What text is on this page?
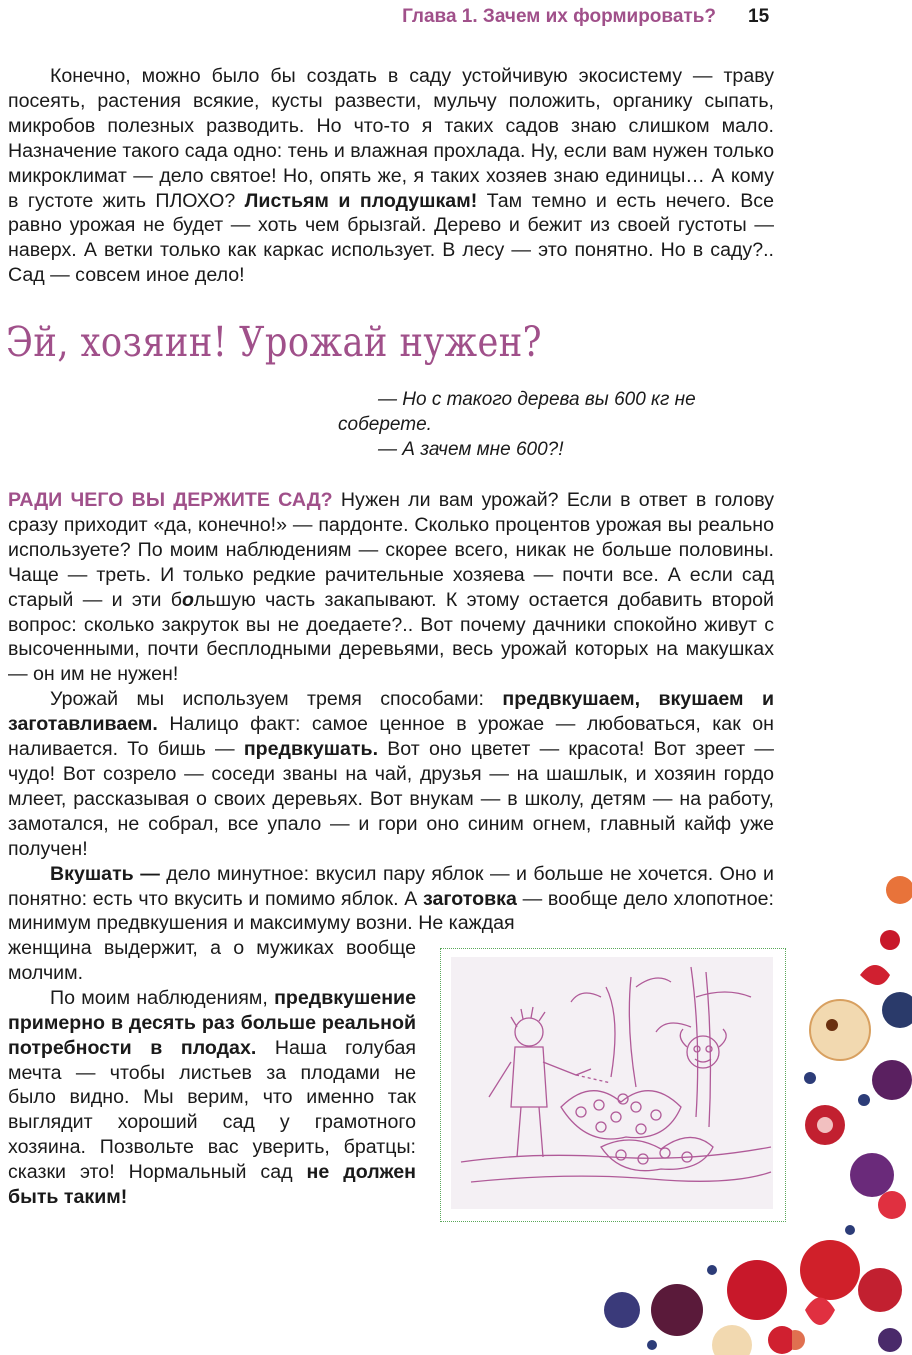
Глава 1. Зачем их формировать? 15

Конечно, можно было бы создать в саду устойчивую экосистему — траву посеять, растения всякие, кусты развести, мульчу положить, органику сыпать, микробов полезных разводить. Но что-то я таких садов знаю слишком мало. Назначение такого сада одно: тень и влажная прохлада. Ну, если вам нужен только микроклимат — дело святое! Но, опять же, я таких хозяев знаю единицы… А кому в густоте жить ПЛОХО? Листьям и плодушкам! Там темно и есть нечего. Все равно урожая не будет — хоть чем брызгай. Дерево и бежит из своей густоты — наверх. А ветки только как каркас использует. В лесу — это понятно. Но в саду?.. Сад — совсем иное дело!

Эй, хозяин! Урожай нужен?
— Но с такого дерева вы 600 кг не соберете.
— А зачем мне 600?!

РАДИ ЧЕГО ВЫ ДЕРЖИТЕ САД? Нужен ли вам урожай? Если в ответ в голову сразу приходит «да, конечно!» — пардонте. Сколько процентов урожая вы реально используете? По моим наблюдениям — скорее всего, никак не больше половины. Чаще — треть. И только редкие рачительные хозяева — почти все. А если сад старый — и эти большую часть закапывают. К этому остается добавить второй вопрос: сколько закруток вы не доедаете?.. Вот почему дачники спокойно живут с высоченными, почти бесплодными деревьями, весь урожай которых на макушках — он им не нужен!

Урожай мы используем тремя способами: предвкушаем, вкушаем и заготавливаем. Налицо факт: самое ценное в урожае — любоваться, как он наливается. То бишь — предвкушать. Вот оно цветет — красота! Вот зреет — чудо! Вот созрело — соседи званы на чай, друзья — на шашлык, и хозяин гордо млеет, рассказывая о своих деревьях. Вот внукам — в школу, детям — на работу, замотался, не собрал, все упало — и гори оно синим огнем, главный кайф уже получен!

Вкушать — дело минутное: вкусил пару яблок — и больше не хочется. Оно и понятно: есть что вкусить и помимо яблок. А заготовка — вообще дело хлопотное: минимум предвкушения и максимуму возни. Не каждая

женщина выдержит, а о мужиках вообще молчим.

По моим наблюдениям, предвкушение примерно в десять раз больше реальной потребности в плодах. Наша голубая мечта — чтобы листьев за плодами не было видно. Мы верим, что именно так выглядит хороший сад у грамотного хозяина. Позвольте вас уверить, братцы: сказки это! Нормальный сад не должен быть таким!
